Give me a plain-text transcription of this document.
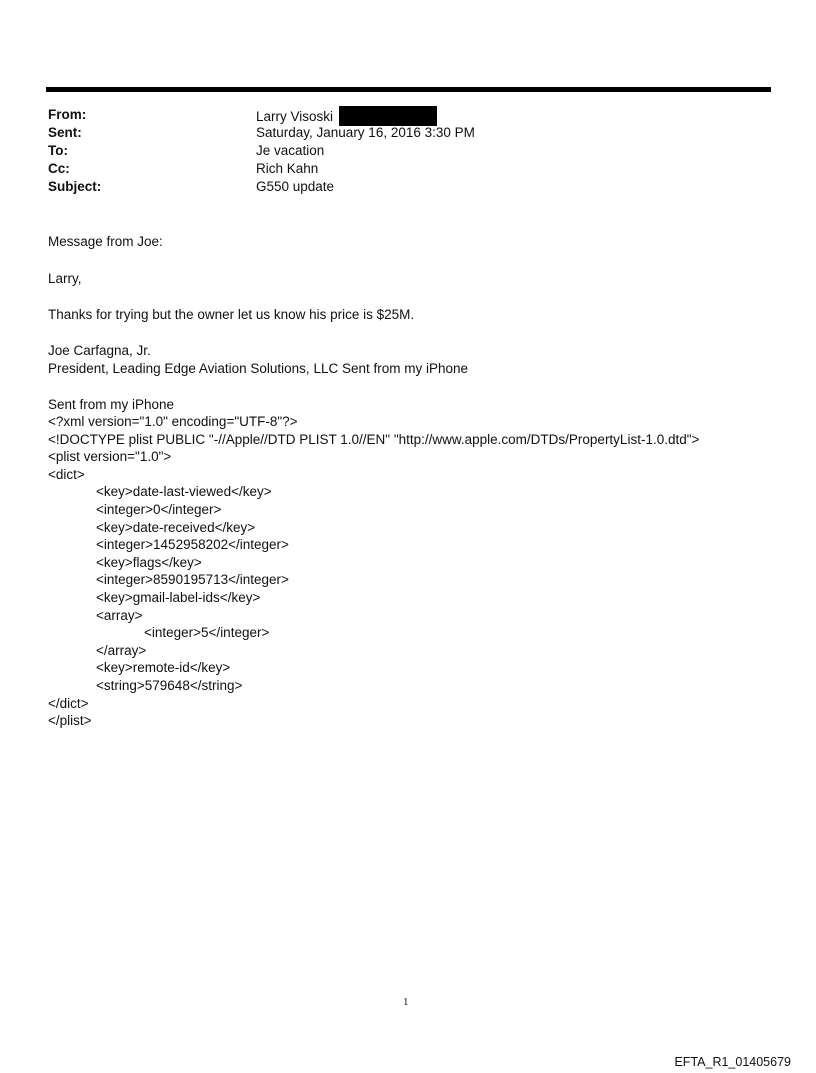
From:	Larry Visoski
Sent:	Saturday, January 16, 2016 3:30 PM
To:	Je vacation
Cc:	Rich Kahn
Subject:	G550 update
Message from Joe:
Larry,
Thanks for trying but the owner let us know his price is $25M.
Joe Carfagna, Jr.
President, Leading Edge Aviation Solutions, LLC Sent from my iPhone
Sent from my iPhone
<?xml version="1.0" encoding="UTF-8"?>
<!DOCTYPE plist PUBLIC "-//Apple//DTD PLIST 1.0//EN" "http://www.apple.com/DTDs/PropertyList-1.0.dtd">
<plist version="1.0">
<dict>
<key>date-last-viewed</key>
<integer>0</integer>
<key>date-received</key>
<integer>1452958202</integer>
<key>flags</key>
<integer>8590195713</integer>
<key>gmail-label-ids</key>
<array>
<integer>5</integer>
</array>
<key>remote-id</key>
<string>579648</string>
</dict>
</plist>
1
EFTA_R1_01405679
